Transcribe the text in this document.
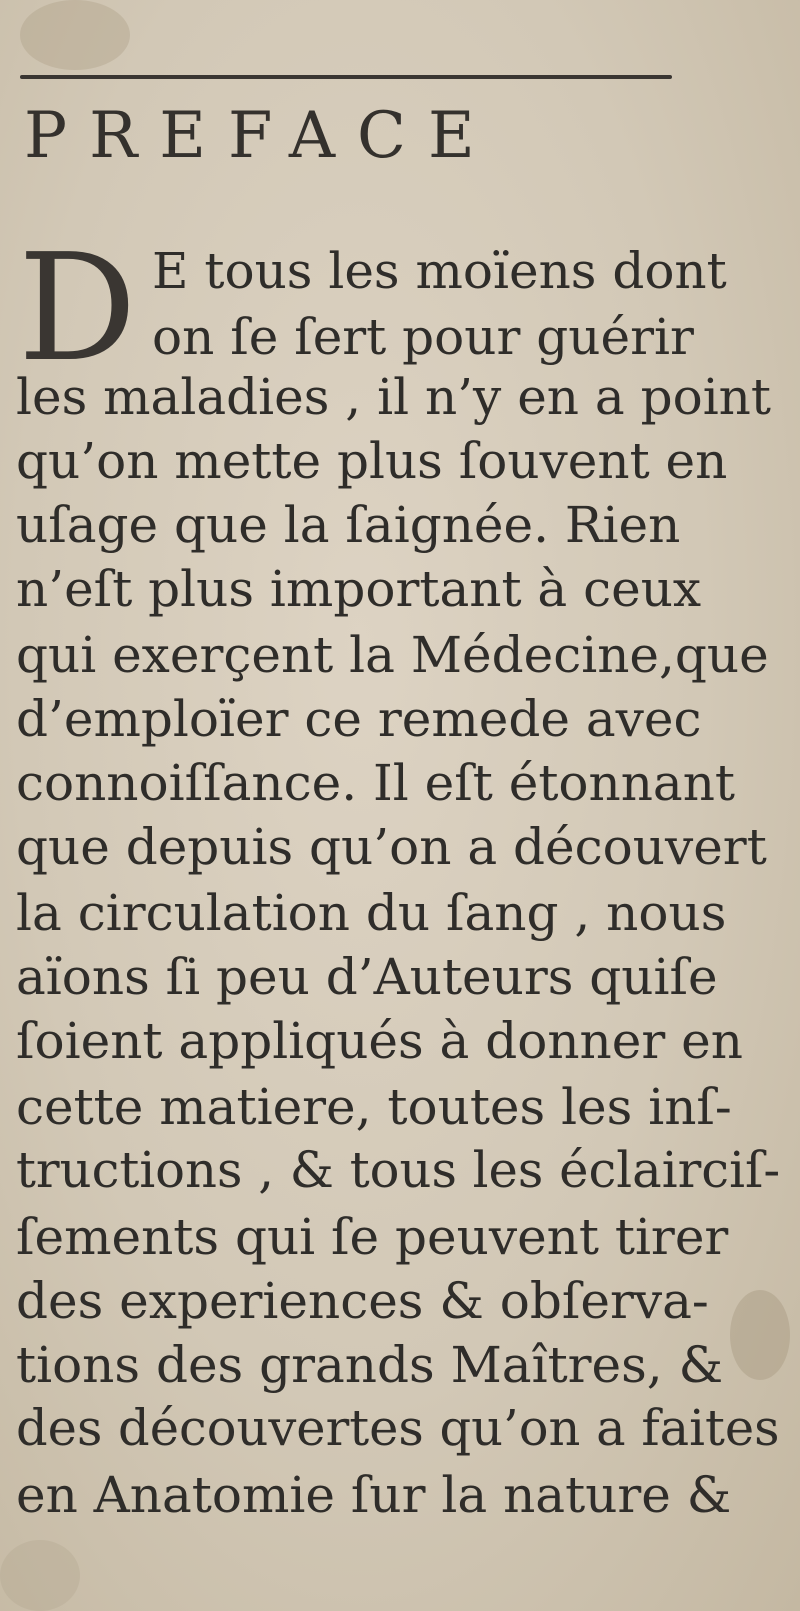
PREFACE
D E tous les moïens dont
on ſe ſert pour guérir
les maladies , il n’y en a point
qu’on mette plus ſouvent en
uſage que la ſaignée. Rien
n’eſt plus important à ceux
qui exerçent la Médecine,que
d’emploïer ce remede avec
connoiſſance. Il eſt étonnant
que depuis qu’on a découvert
la circulation du ſang , nous
aïons ſi peu d’Auteurs quiſe
ſoient appliqués à donner en
cette matiere, toutes les inſ-
tructions , & tous les éclairciſ-
ſements qui ſe peuvent tirer
des experiences & obſerva-
tions des grands Maîtres, &
des découvertes qu’on a faites
en Anatomie ſur la nature &
